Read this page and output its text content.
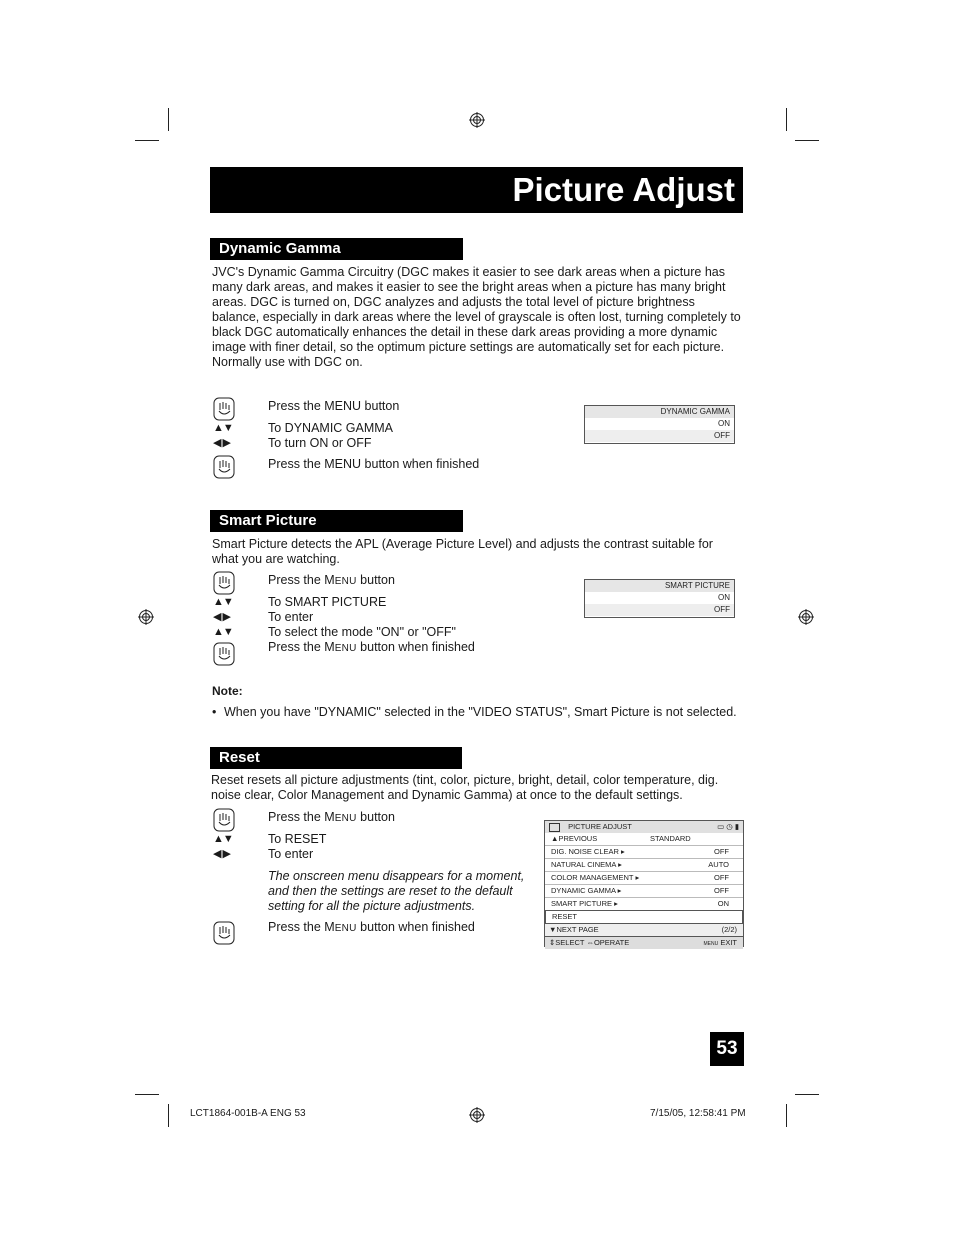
Picture Adjust
Dynamic Gamma
JVC's Dynamic Gamma Circuitry (DGC makes it easier to see dark areas when a picture has many dark areas, and makes it easier to see the bright areas when a picture has many bright areas. DGC is turned on, DGC analyzes and adjusts the total level of picture brightness balance, especially in dark areas where the level of grayscale is often lost, turning completely to black DGC automatically enhances the detail in these dark areas providing a more dynamic image with finer detail, so the optimum picture settings are automatically set for each picture. Normally use with DGC on.
Press the MENU button
▲▼	To DYNAMIC GAMMA
◀ ▶	To turn ON or OFF
Press the MENU button when finished
DYNAMIC GAMMA
ON
OFF
Smart Picture
Smart Picture detects the APL (Average Picture Level) and adjusts the contrast suitable for what you are watching.
Press the MENU button
▲▼	To SMART PICTURE
◀ ▶	To enter
▲▼	To select the mode "ON" or "OFF"
Press the MENU button when finished
SMART PICTURE
ON
OFF
Note:
• When you have "DYNAMIC" selected in the "VIDEO STATUS", Smart Picture is not selected.
Reset
Reset resets all picture adjustments (tint, color, picture, bright, detail, color temperature, dig. noise clear, Color Management and Dynamic Gamma) at once to the default settings.
Press the MENU button
▲▼	To RESET
◀ ▶	To enter
The onscreen menu disappears for a moment, and then the settings are reset to the default setting for all the picture adjustments.
Press the MENU button when finished
PICTURE ADJUST	▭ ◷ ▮
▲PREVIOUS	STANDARD
DIG. NOISE CLEAR ▸	OFF
NATURAL CINEMA ▸	AUTO
COLOR MANAGEMENT ▸	OFF
DYNAMIC GAMMA ▸	OFF
SMART PICTURE ▸	ON
RESET
▼NEXT PAGE	(2/2)
⇕SELECT ⇔OPERATE	MENU EXIT
53
LCT1864-001B-A ENG 53	7/15/05, 12:58:41 PM
